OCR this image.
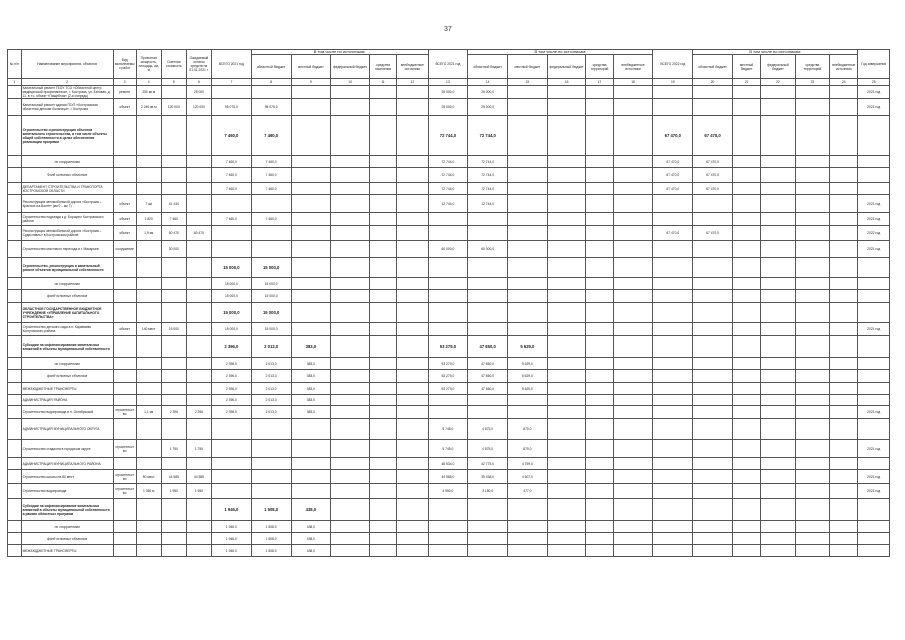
37
№ п/п	Наименование мероприятия, объектов	Вид выполняемых работ	Проектная мощность, площадь, км, м	Сметная стоимость	Ожидаемый остаток средств на 01.01.2021 г.	ВСЕГО 2021 год	В том числе по источникам:					ВСЕГО 2021 год	В том числе по источникам:					ВСЕГО 2022 год	В том числе по источникам:					Год завершения
							областной бюджет	местный бюджет	федеральный бюджет	средства населения	внебюджетные источники		областной бюджет	местный бюджет	федеральный бюджет	средства территорий	внебюджетные источники		областной бюджет	местный бюджет	федеральный бюджет	средства территорий	внебюджетные источники	
1	2	3	4	5	6	7	8	9	10	11	12	13	14	15	16	17	18	19	20	21	22	23	24	25
	Капитальный ремонт ГБОУ ТСО «Областной центр медицинской профилактики», г. Кострома, ул. Беговая, д. 11, в т.ч. объект «Пищеблок» (2-я очередь)	ремонт	250 кв.м		25 000							25 000,0	25 000,0											2021 год
	Капитальный ремонт здания ГБУЗ «Костромская областная детская больница», г. Кострома	объект	2 246 кв.м	120 000	120 000	95 075,0	95 075,0					25 000,0	25 000,0											2021 год
	Строительство и реконструкция объектов капитального строительства, в том числе объекты общей собственности в целях обеспечения реализации программ					7 460,0	7 460,0					72 744,0	72 744,0					67 470,0	67 470,0					
	по сооружениям					7 460,0	7 460,0					72 744,0	72 744,0					67 470,0	67 470,0					
	Фонд основных объектов					7 460,0	7 460,0					72 744,0	72 744,0					67 470,0	67 470,0					
	ДЕПАРТАМЕНТ СТРОИТЕЛЬСТВА И ТРАНСПОРТА КОСТРОМСКОЙ ОБЛАСТИ					7 460,0	7 460,0					72 744,0	72 744,0					67 470,0	67 470,0					
	Реконструкция автомобильной дороги «Кострома – Красное-на-Волге» (км 0 – км 7)	объект	7 км	41 434								12 744,0	12 744,0											2021 год
	Строительство подъезда к д. Борщино Костромского района	объект	1 820	7 460		7 460,0	7 460,0																	2021 год
	Реконструкция автомобильной дороги «Кострома – Судиславль» в Костромском районе	объект	1,9 км	60 470	60 470													67 470,0	67 470,0					2022 год
	Строительство мостового перехода в г. Макарьев	сооружение		30 000								60 000,0	60 000,0											2021 год
	Строительство, реконструкция и капитальный ремонт объектов муниципальной собственности					15 000,0	15 000,0																	
	по сооружениям					15 000,0	15 000,0																	
	фонд основных объектов					15 000,0	15 000,0																	
	ОБЛАСТНОЕ ГОСУДАРСТВЕННОЕ БЮДЖЕТНОЕ УЧРЕЖДЕНИЕ «УПРАВЛЕНИЕ КАПИТАЛЬНОГО СТРОИТЕЛЬСТВА»					15 000,0	15 000,0																	
	Строительство детского сада в п. Караваево Костромского района	объект	140 мест	15 000		15 000,0	15 000,0																	2021 год
	Субсидии на софинансирование капитальных вложений в объекты муниципальной собственности					2 396,0	2 013,0	383,0				53 279,0	47 650,0	5 629,0										
	по сооружениям					2 396,0	2 013,0	383,0				53 279,0	47 650,0	5 629,0										
	фонд основных объектов					2 396,0	2 013,0	383,0				53 279,0	47 650,0	5 629,0										
	МЕЖБЮДЖЕТНЫЕ ТРАНСФЕРТЫ					2 396,0	2 013,0	383,0				53 279,0	47 650,0	5 629,0										
	АДМИНИСТРАЦИЯ РАЙОНА					2 396,0	2 013,0	383,0																
	Строительство водопровода в п. Октябрьский	строительство	1,1 км	2 396	2 396	2 396,0	2 013,0	383,0																2021 год
	АДМИНИСТРАЦИЯ МУНИЦИПАЛЬНОГО ОКРУГА											5 745,0	4 875,0	870,0										
	Строительство стадиона в городском округе	строительство		1 750	1 750							5 745,0	4 875,0	870,0										2021 год
	АДМИНИСТРАЦИЯ МУНИЦИПАЛЬНОГО РАЙОНА											48 534,0	42 775,0	4 759,0										
	Строительство школы на 80 мест	строительство	80 мест	44 585	44 585							44 585,0	39 438,0	4 507,0										2021 год
	Строительство водопровода	строительство	1 350 м	1 950	1 950							4 950,0	3 150,0	477,0										2021 год
	Субсидии на софинансирование капитальных вложений в объекты муниципальной собственности в рамках областных программ					1 946,0	1 508,0	438,0																
	по сооружениям					1 946,0	1 508,0	438,0																
	фонд основных объектов					1 946,0	1 508,0	438,0																
	МЕЖБЮДЖЕТНЫЕ ТРАНСФЕРТЫ					1 946,0	1 508,0	438,0																
